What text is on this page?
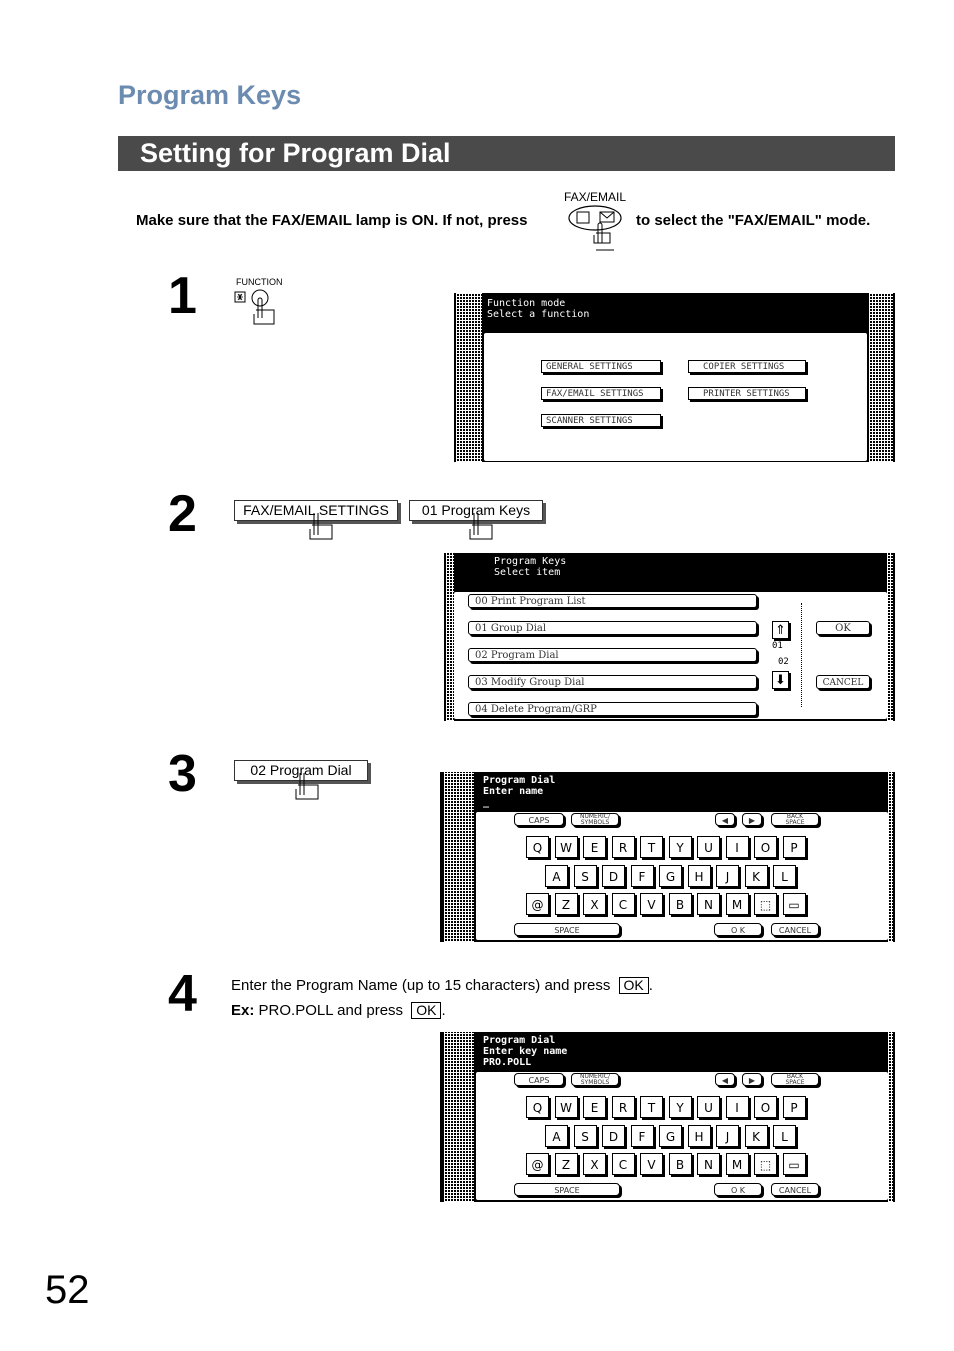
Program Keys
Setting for Program Dial
Make sure that the FAX/EMAIL lamp is ON. If not, press
FAX/EMAIL
to select the "FAX/EMAIL" mode.
1	FUNCTION
Function mode
Select a function
GENERAL SETTINGS	COPIER SETTINGS
FAX/EMAIL SETTINGS	PRINTER SETTINGS
SCANNER SETTINGS
2	FAX/EMAIL SETTINGS	01 Program Keys
Program Keys
Select item
00 Print Program List
01 Group Dial
02 Program Dial
03 Modify Group Dial
04 Delete Program/GRP
⇑
01
02
⬇
OK
CANCEL
3	02 Program Dial
Program Dial
Enter name
_
CAPS	NUMERIC/
SYMBOLS	◀	▶	BACK
SPACE
Q	W	E	R	T	Y	U	I	O	P
A	S	D	F	G	H	J	K	L
@	Z	X	C	V	B	N	M	⬚	▭
SPACE	O K	CANCEL
4 Enter the Program Name (up to 15 characters) and press OK .
Ex: PRO.POLL and press OK .
Program Dial
Enter key name
PRO.POLL
CAPS	NUMERIC/
SYMBOLS	◀	▶	BACK
SPACE
Q	W	E	R	T	Y	U	I	O	P
A	S	D	F	G	H	J	K	L
@	Z	X	C	V	B	N	M	⬚	▭
SPACE	O K	CANCEL
52
